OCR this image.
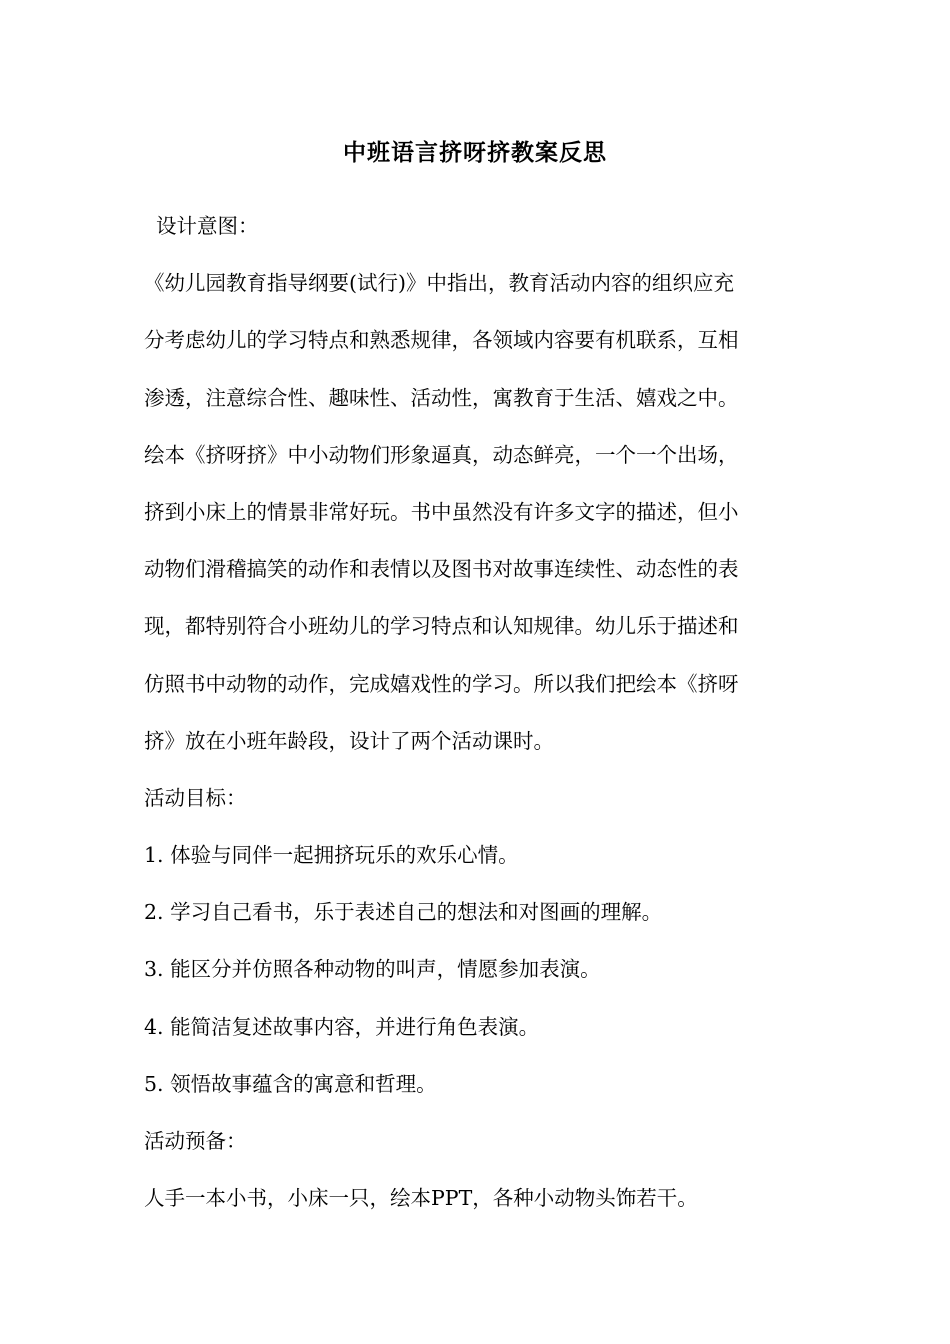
中班语言挤呀挤教案反思
设计意图：
《幼儿园教育指导纲要(试行)》中指出，教育活动内容的组织应充
分考虑幼儿的学习特点和熟悉规律，各领域内容要有机联系，互相
渗透，注意综合性、趣味性、活动性，寓教育于生活、嬉戏之中。
绘本《挤呀挤》中小动物们形象逼真，动态鲜亮，一个一个出场，
挤到小床上的情景非常好玩。书中虽然没有许多文字的描述，但小
动物们滑稽搞笑的动作和表情以及图书对故事连续性、动态性的表
现，都特别符合小班幼儿的学习特点和认知规律。幼儿乐于描述和
仿照书中动物的动作，完成嬉戏性的学习。所以我们把绘本《挤呀
挤》放在小班年龄段，设计了两个活动课时。
活动目标：
1. 体验与同伴一起拥挤玩乐的欢乐心情。
2. 学习自己看书，乐于表述自己的想法和对图画的理解。
3. 能区分并仿照各种动物的叫声，情愿参加表演。
4. 能简洁复述故事内容，并进行角色表演。
5. 领悟故事蕴含的寓意和哲理。
活动预备：
人手一本小书，小床一只，绘本PPT，各种小动物头饰若干。
